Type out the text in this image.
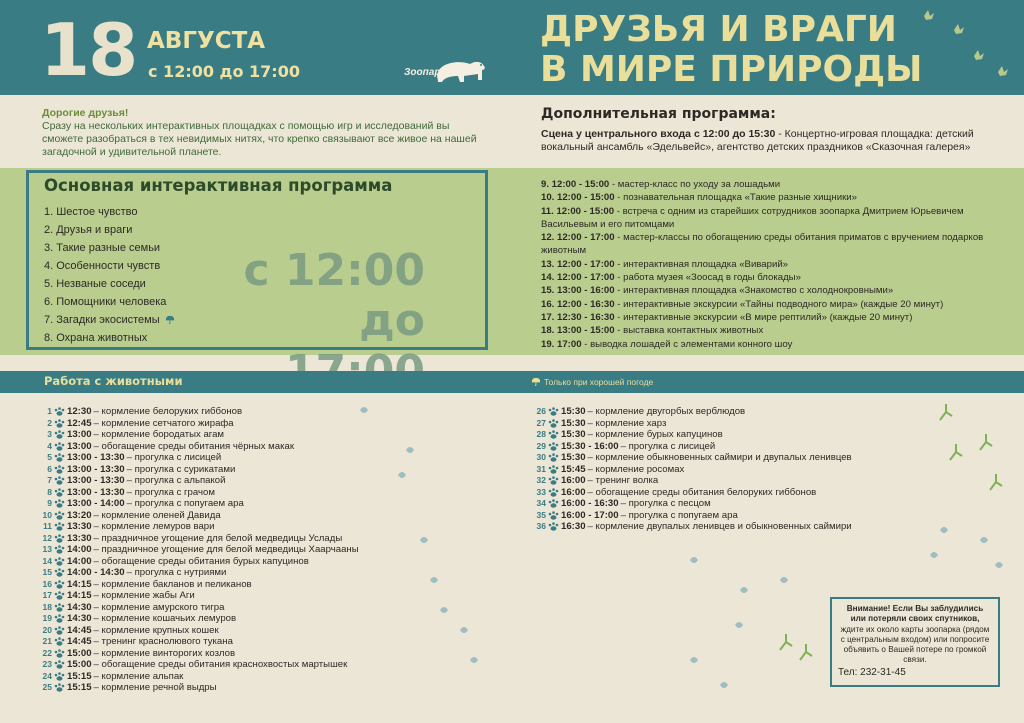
18 АВГУСТА
с 12:00 до 17:00	Зоопарк
ДРУЗЬЯ И ВРАГИ
В МИРЕ ПРИРОДЫ
Дорогие друзья!
Сразу на нескольких интерактивных площадках с помощью игр и исследований вы сможете разобраться в тех невидимых нитях, что крепко связывают все живое на нашей загадочной и удивительной планете.
Дополнительная программа:
Сцена у центрального входа с 12:00 до 15:30 - Концертно-игровая площадка: детский вокальный ансамбль «Эдельвейс», агентство детских праздников «Сказочная галерея»
Основная интерактивная программа
1. Шестое чувство
2. Друзья и враги
3. Такие разные семьи
4. Особенности чувств
5. Незваные соседи
6. Помощники человека
7. Загадки экосистемы
8. Охрана животных
с 12:00
до
9. 12:00 - 15:00 - мастер-класс по уходу за лошадьми
10. 12:00 - 15:00 - познавательная площадка «Такие разные хищники»
11. 12:00 - 15:00 - встреча с одним из старейших сотрудников зоопарка Дмитрием Юрьевичем Васильевым и его питомцами
12. 12:00 - 17:00 - мастер-классы по обогащению среды обитания приматов с вручением подарков животным
13. 12:00 - 17:00 - интерактивная площадка «Виварий»
14. 12:00 - 17:00 - работа музея «Зоосад в годы блокады»
15. 13:00 - 16:00 - интерактивная площадка «Знакомство с холоднокровными»
16. 12:00 - 16:30 - интерактивные экскурсии «Тайны подводного мира» (каждые 20 минут)
17. 12:30 - 16:30 - интерактивные экскурсии «В мире рептилий» (каждые 20 минут)
18. 13:00 - 15:00 - выставка контактных животных
19. 17:00 - выводка лошадей с элементами конного шоу
Работа с животными	Только при хорошей погоде
1 12:30 – кормление белоруких гиббонов
2 12:45 – кормление сетчатого жирафа
3 13:00 – кормление бородатых агам
4 13:00 – обогащение среды обитания чёрных макак
5 13:00 - 13:30 – прогулка с лисицей
6 13:00 - 13:30 – прогулка с сурикатами
7 13:00 - 13:30 – прогулка с альпакой
8 13:00 - 13:30 – прогулка с грачом
9 13:00 - 14:00 – прогулка с попугаем ара
10 13:20 – кормление оленей Давида
11 13:30 – кормление лемуров вари
12 13:30 – праздничное угощение для белой медведицы Услады
13 14:00 – праздничное угощение для белой медведицы Хаарчааны
14 14:00 – обогащение среды обитания бурых капуцинов
15 14:00 - 14:30 – прогулка с нутриями
16 14:15 – кормление бакланов и пеликанов
17 14:15 – кормление жабы Аги
18 14:30 – кормление амурского тигра
19 14:30 – кормление кошачьих лемуров
20 14:45 – кормление крупных кошек
21 14:45 – тренинг краснолювого тукана
22 15:00 – кормление винторогих козлов
23 15:00 – обогащение среды обитания краснохвостых мартышек
24 15:15 – кормление альпак
25 15:15 – кормление речной выдры
26 15:30 – кормление двугорбых верблюдов
27 15:30 – кормление харз
28 15:30 – кормление бурых капуцинов
29 15:30 - 16:00 – прогулка с лисицей
30 15:30 – кормление обыкновенных саймири и двупалых ленивцев
31 15:45 – кормление росомах
32 16:00 – тренинг волка
33 16:00 – обогащение среды обитания белоруких гиббонов
34 16:00 - 16:30 – прогулка с песцом
35 16:00 - 17:00 – прогулка с попугаем ара
36 16:30 – кормление двупалых ленивцев и обыкновенных саймири
Внимание! Если Вы заблудились или потеряли своих спутников, ждите их около карты зоопарка (рядом с центральным входом) или попросите объявить о Вашей потере по громкой связи.
Тел: 232-31-45
